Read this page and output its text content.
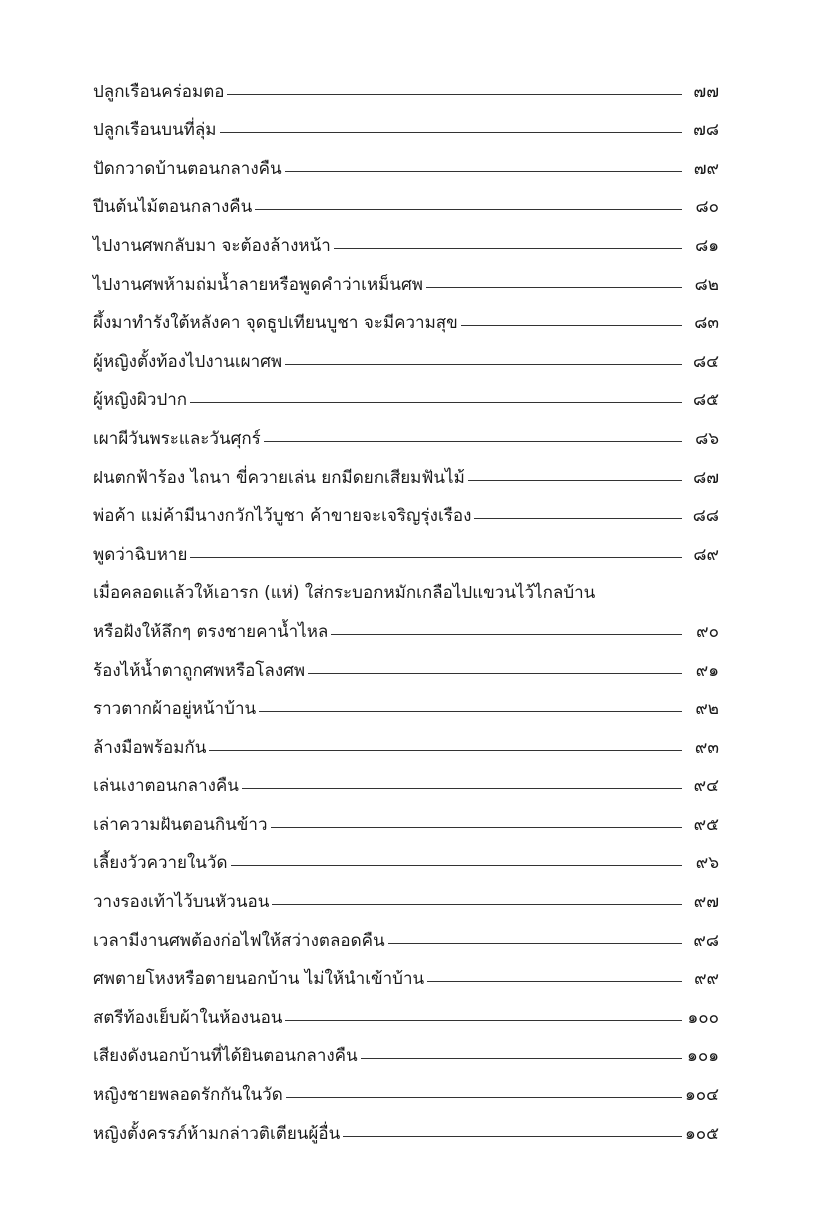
ปลูกเรือนคร่อมตอ	๗๗
ปลูกเรือนบนที่ลุ่ม	๗๘
ปัดกวาดบ้านตอนกลางคืน	๗๙
ปีนต้นไม้ตอนกลางคืน	๘๐
ไปงานศพกลับมา จะต้องล้างหน้า	๘๑
ไปงานศพห้ามถ่มน้ำลายหรือพูดคำว่าเหม็นศพ	๘๒
ผึ้งมาทำรังใต้หลังคา จุดธูปเทียนบูชา จะมีความสุข	๘๓
ผู้หญิงตั้งท้องไปงานเผาศพ	๘๔
ผู้หญิงผิวปาก	๘๕
เผาผีวันพระและวันศุกร์	๘๖
ฝนตกฟ้าร้อง ไถนา ขี่ควายเล่น ยกมีดยกเสียมฟันไม้	๘๗
พ่อค้า แม่ค้ามีนางกวักไว้บูชา ค้าขายจะเจริญรุ่งเรือง	๘๘
พูดว่าฉิบหาย	๘๙
เมื่อคลอดแล้วให้เอารก (แห่) ใส่กระบอกหมักเกลือไปแขวนไว้ไกลบ้าน
หรือฝังให้ลึกๆ ตรงชายคาน้ำไหล	๙๐
ร้องไห้น้ำตาถูกศพหรือโลงศพ	๙๑
ราวตากผ้าอยู่หน้าบ้าน	๙๒
ล้างมือพร้อมกัน	๙๓
เล่นเงาตอนกลางคืน	๙๔
เล่าความฝันตอนกินข้าว	๙๕
เลี้ยงวัวควายในวัด	๙๖
วางรองเท้าไว้บนหัวนอน	๙๗
เวลามีงานศพต้องก่อไฟให้สว่างตลอดคืน	๙๘
ศพตายโหงหรือตายนอกบ้าน ไม่ให้นำเข้าบ้าน	๙๙
สตรีท้องเย็บผ้าในห้องนอน	๑๐๐
เสียงดังนอกบ้านที่ได้ยินตอนกลางคืน	๑๐๑
หญิงชายพลอดรักกันในวัด	๑๐๔
หญิงตั้งครรภ์ห้ามกล่าวติเตียนผู้อื่น	๑๐๕
